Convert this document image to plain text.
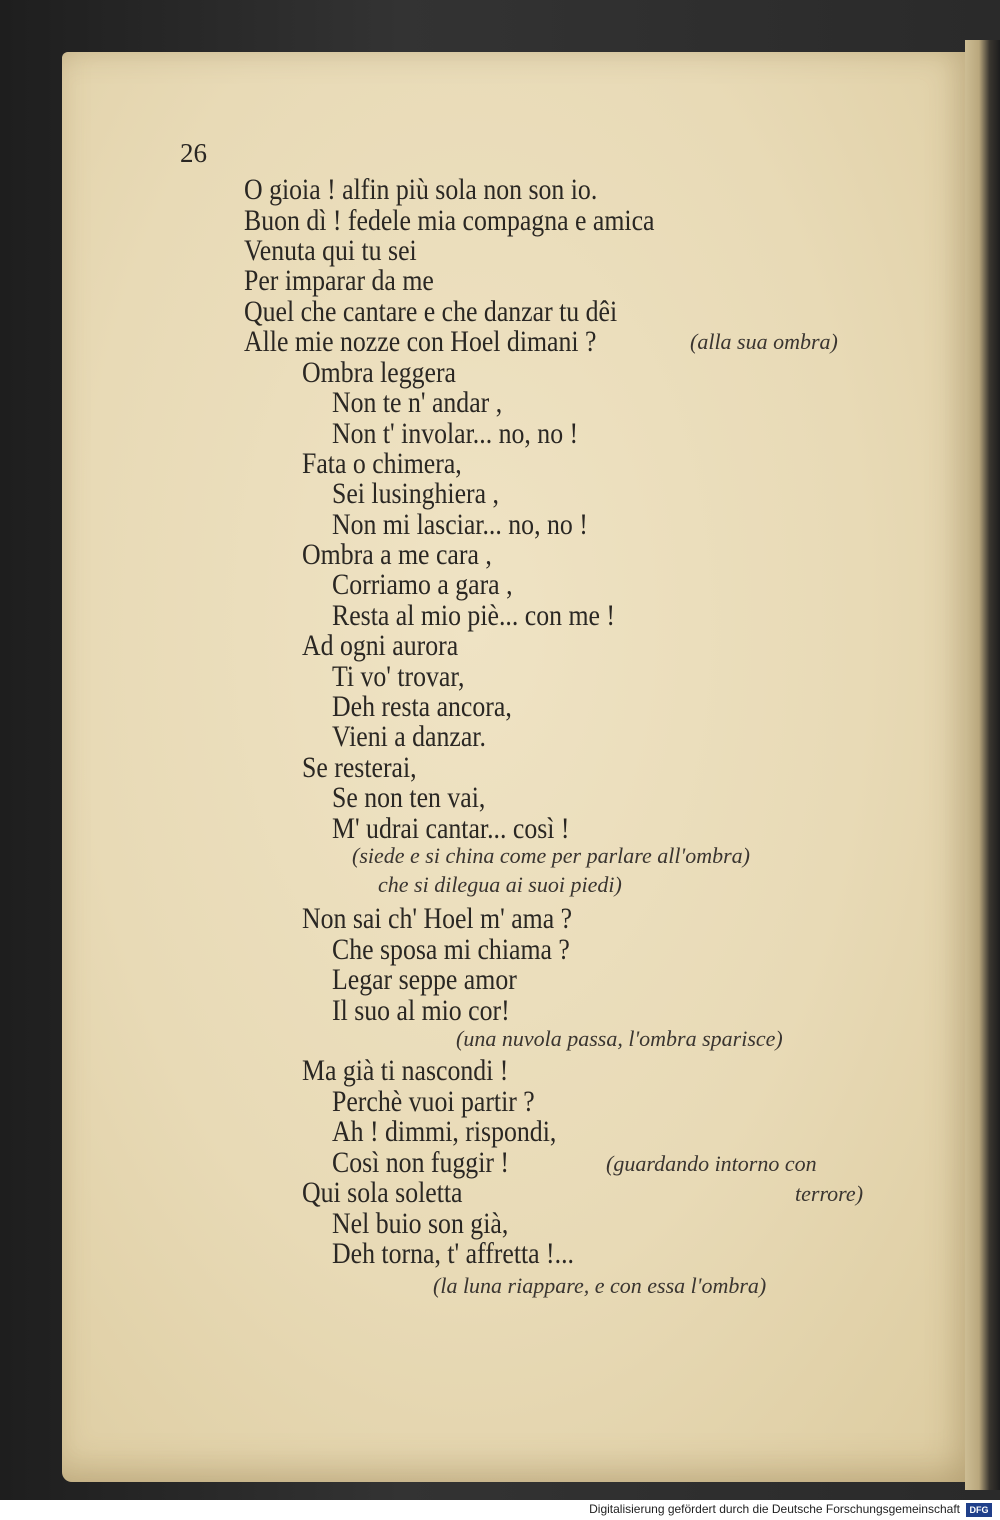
26

O gioia ! alfin più sola non son io.
Buon dì ! fedele mia compagna e amica
Venuta qui tu sei
Per imparar da me
Quel che cantare e che danzar tu dêi
Alle mie nozze con Hoel dimani ?
Ombra leggera
Non te n' andar ,
Non t' involar... no, no !
Fata o chimera,
Sei lusinghiera ,
Non mi lasciar... no, no !
Ombra a me cara ,
Corriamo a gara ,
Resta al mio piè... con me !
Ad ogni aurora
Ti vo' trovar,
Deh resta ancora,
Vieni a danzar.
Se resterai,
Se non ten vai,
M' udrai cantar... così !
Non sai ch' Hoel m' ama ?
Che sposa mi chiama ?
Legar seppe amor
Il suo al mio cor!
Ma già ti nascondi !
Perchè vuoi partir ?
Ah ! dimmi, rispondi,
Così non fuggir !
Qui sola soletta
Nel buio son già,
Deh torna, t' affretta !...
(alla sua ombra)
(siede e si china come per parlare all'ombra)
che si dilegua ai suoi piedi)
(una nuvola passa, l'ombra sparisce)
(guardando intorno con
terrore)
(la luna riappare, e con essa l'ombra)
Digitalisierung gefördert durch die Deutsche Forschungsgemeinschaft	DFG
